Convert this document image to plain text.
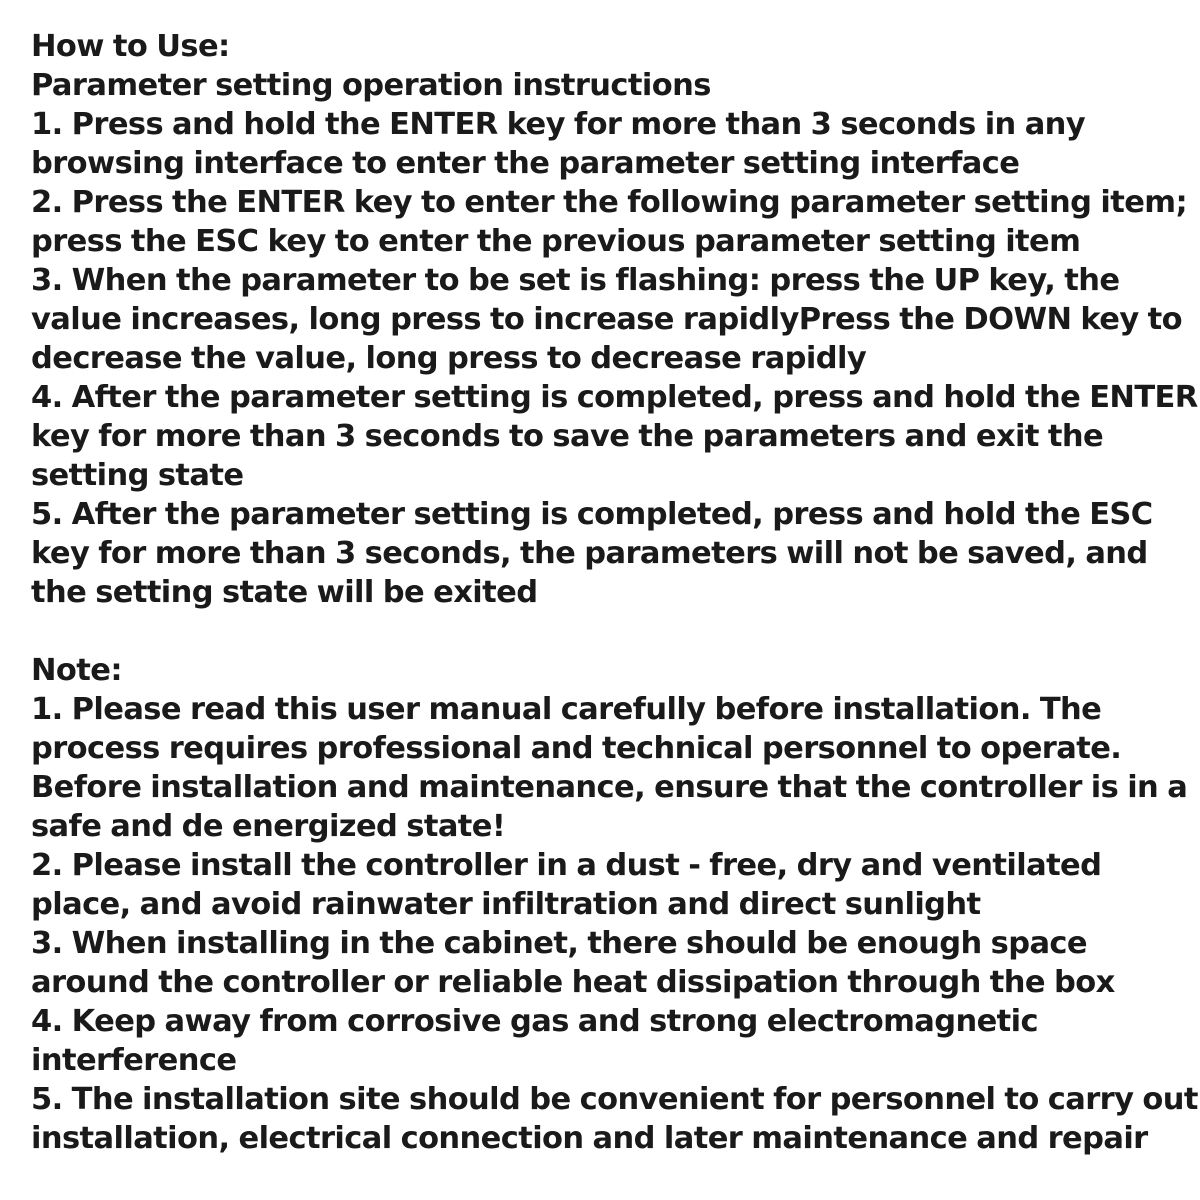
How to Use:
Parameter setting operation instructions
1. Press and hold the ENTER key for more than 3 seconds in any
browsing interface to enter the parameter setting interface
2. Press the ENTER key to enter the following parameter setting item;
press the ESC key to enter the previous parameter setting item
3. When the parameter to be set is flashing: press the UP key, the
value increases, long press to increase rapidlyPress the DOWN key to
decrease the value, long press to decrease rapidly
4. After the parameter setting is completed, press and hold the ENTER
key for more than 3 seconds to save the parameters and exit the
setting state
5. After the parameter setting is completed, press and hold the ESC
key for more than 3 seconds, the parameters will not be saved, and
the setting state will be exited
Note:
1. Please read this user manual carefully before installation. The
process requires professional and technical personnel to operate.
Before installation and maintenance, ensure that the controller is in a
safe and de energized state!
2. Please install the controller in a dust - free, dry and ventilated
place, and avoid rainwater infiltration and direct sunlight
3. When installing in the cabinet, there should be enough space
around the controller or reliable heat dissipation through the box
4. Keep away from corrosive gas and strong electromagnetic
interference
5. The installation site should be convenient for personnel to carry out
installation, electrical connection and later maintenance and repair
